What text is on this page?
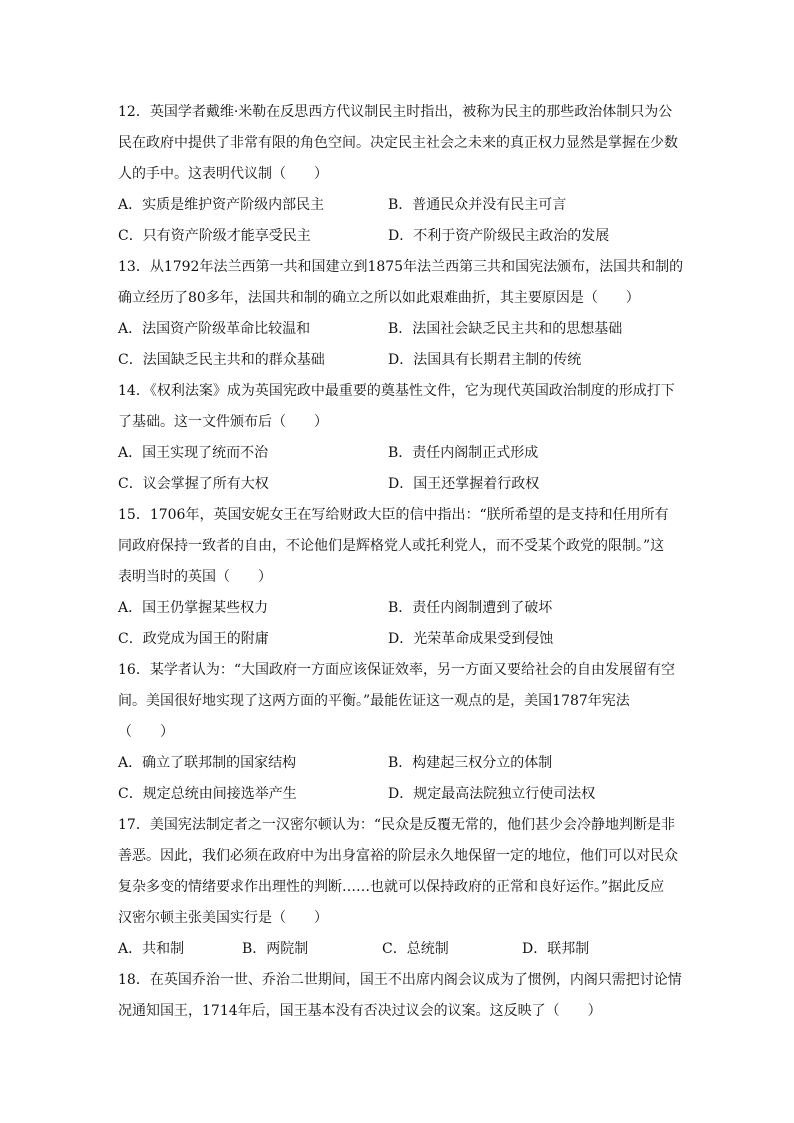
12．英国学者戴维·米勒在反思西方代议制民主时指出，被称为民主的那些政治体制只为公
民在政府中提供了非常有限的角色空间。决定民主社会之未来的真正权力显然是掌握在少数
人的手中。这表明代议制（　　）
A．实质是维护资产阶级内部民主	B．普通民众并没有民主可言
C．只有资产阶级才能享受民主	D．不利于资产阶级民主政治的发展
13．从1792年法兰西第一共和国建立到1875年法兰西第三共和国宪法颁布，法国共和制的
确立经历了80多年，法国共和制的确立之所以如此艰难曲折，其主要原因是（　　）
A．法国资产阶级革命比较温和	B．法国社会缺乏民主共和的思想基础
C．法国缺乏民主共和的群众基础	D．法国具有长期君主制的传统
14．《权利法案》成为英国宪政中最重要的奠基性文件，它为现代英国政治制度的形成打下
了基础。这一文件颁布后（　　）
A．国王实现了统而不治	B．责任内阁制正式形成
C．议会掌握了所有大权	D．国王还掌握着行政权
15．1706年，英国安妮女王在写给财政大臣的信中指出：“朕所希望的是支持和任用所有
同政府保持一致者的自由，不论他们是辉格党人或托利党人，而不受某个政党的限制。”这
表明当时的英国（　　）
A．国王仍掌握某些权力	B．责任内阁制遭到了破坏
C．政党成为国王的附庸	D．光荣革命成果受到侵蚀
16．某学者认为：“大国政府一方面应该保证效率，另一方面又要给社会的自由发展留有空
间。美国很好地实现了这两方面的平衡。”最能佐证这一观点的是，美国1787年宪法
（　　）
A．确立了联邦制的国家结构	B．构建起三权分立的体制
C．规定总统由间接选举产生	D．规定最高法院独立行使司法权
17．美国宪法制定者之一汉密尔顿认为：“民众是反覆无常的，他们甚少会冷静地判断是非
善恶。因此，我们必须在政府中为出身富裕的阶层永久地保留一定的地位，他们可以对民众
复杂多变的情绪要求作出理性的判断……也就可以保持政府的正常和良好运作。”据此反应
汉密尔顿主张美国实行是（　　）
A．共和制	B．两院制	C．总统制	D．联邦制
18．在英国乔治一世、乔治二世期间，国王不出席内阁会议成为了惯例，内阁只需把讨论情
况通知国王，1714年后，国王基本没有否决过议会的议案。这反映了（　　）
